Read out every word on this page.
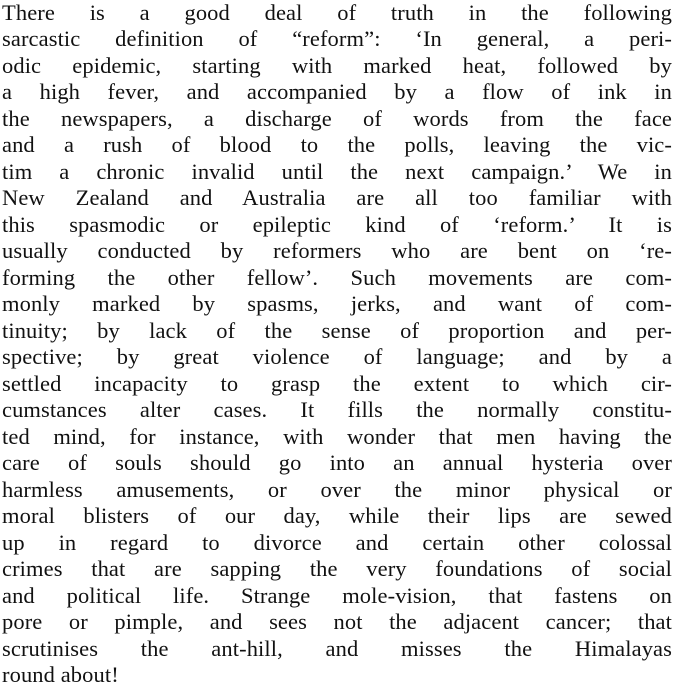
There is a good deal of truth in the following
sarcastic definition of “reform”: ‘In general, a peri-
odic epidemic, starting with marked heat, followed by
a high fever, and accompanied by a flow of ink in
the newspapers, a discharge of words from the face
and a rush of blood to the polls, leaving the vic-
tim a chronic invalid until the next campaign.’ We in
New Zealand and Australia are all too familiar with
this spasmodic or epileptic kind of ‘reform.’ It is
usually conducted by reformers who are bent on ‘re-
forming the other fellow’. Such movements are com-
monly marked by spasms, jerks, and want of com-
tinuity; by lack of the sense of proportion and per-
spective; by great violence of language; and by a
settled incapacity to grasp the extent to which cir-
cumstances alter cases. It fills the normally constitu-
ted mind, for instance, with wonder that men having the
care of souls should go into an annual hysteria over
harmless amusements, or over the minor physical or
moral blisters of our day, while their lips are sewed
up in regard to divorce and certain other colossal
crimes that are sapping the very foundations of social
and political life. Strange mole-vision, that fastens on
pore or pimple, and sees not the adjacent cancer; that
scrutinises the ant-hill, and misses the Himalayas
round about!
